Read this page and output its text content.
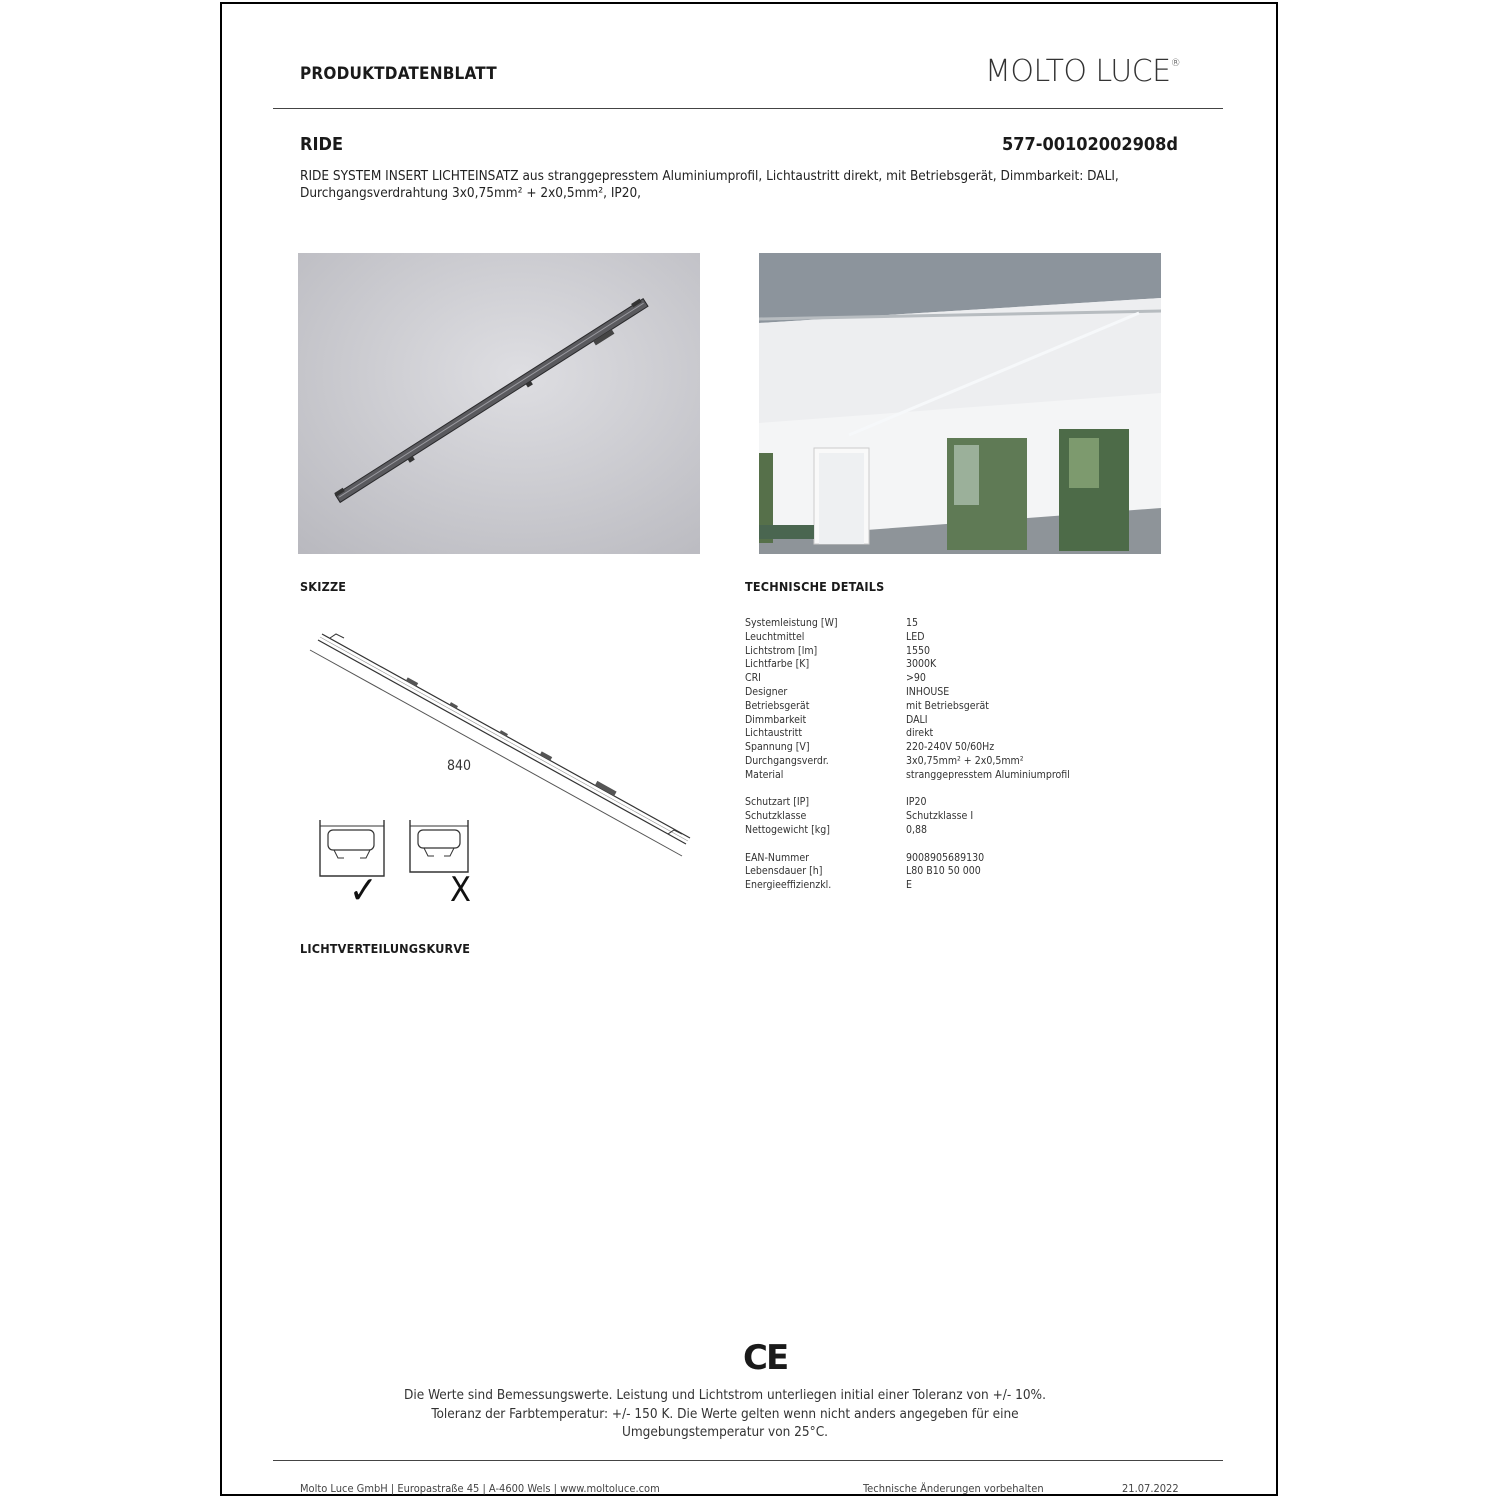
PRODUKTDATENBLATT	MOLTO LUCE®
RIDE	577-00102002908d
RIDE SYSTEM INSERT LICHTEINSATZ aus stranggepresstem Aluminiumprofil, Lichtaustritt direkt, mit Betriebsgerät, Dimmbarkeit: DALI,
Durchgangsverdrahtung 3x0,75mm² + 2x0,5mm², IP20,
SKIZZE	TECHNISCHE DETAILS
840
✓ X
LICHTVERTEILUNGSKURVE
Systemleistung [W]	15
Leuchtmittel	LED
Lichtstrom [lm]	1550
Lichtfarbe [K]	3000K
CRI	>90
Designer	INHOUSE
Betriebsgerät	mit Betriebsgerät
Dimmbarkeit	DALI
Lichtaustritt	direkt
Spannung [V]	220-240V 50/60Hz
Durchgangsverdr.	3x0,75mm² + 2x0,5mm²
Material	stranggepresstem Aluminiumprofil
Schutzart [IP]	IP20
Schutzklasse	Schutzklasse I
Nettogewicht [kg]	0,88
EAN-Nummer	9008905689130
Lebensdauer [h]	L80 B10 50 000
Energieeffizienzkl.	E
CE
Die Werte sind Bemessungswerte. Leistung und Lichtstrom unterliegen initial einer Toleranz von +/- 10%.
Toleranz der Farbtemperatur: +/- 150 K. Die Werte gelten wenn nicht anders angegeben für eine
Umgebungstemperatur von 25°C.
Molto Luce GmbH | Europastraße 45 | A-4600 Wels | www.moltoluce.com	Technische Änderungen vorbehalten	21.07.2022
